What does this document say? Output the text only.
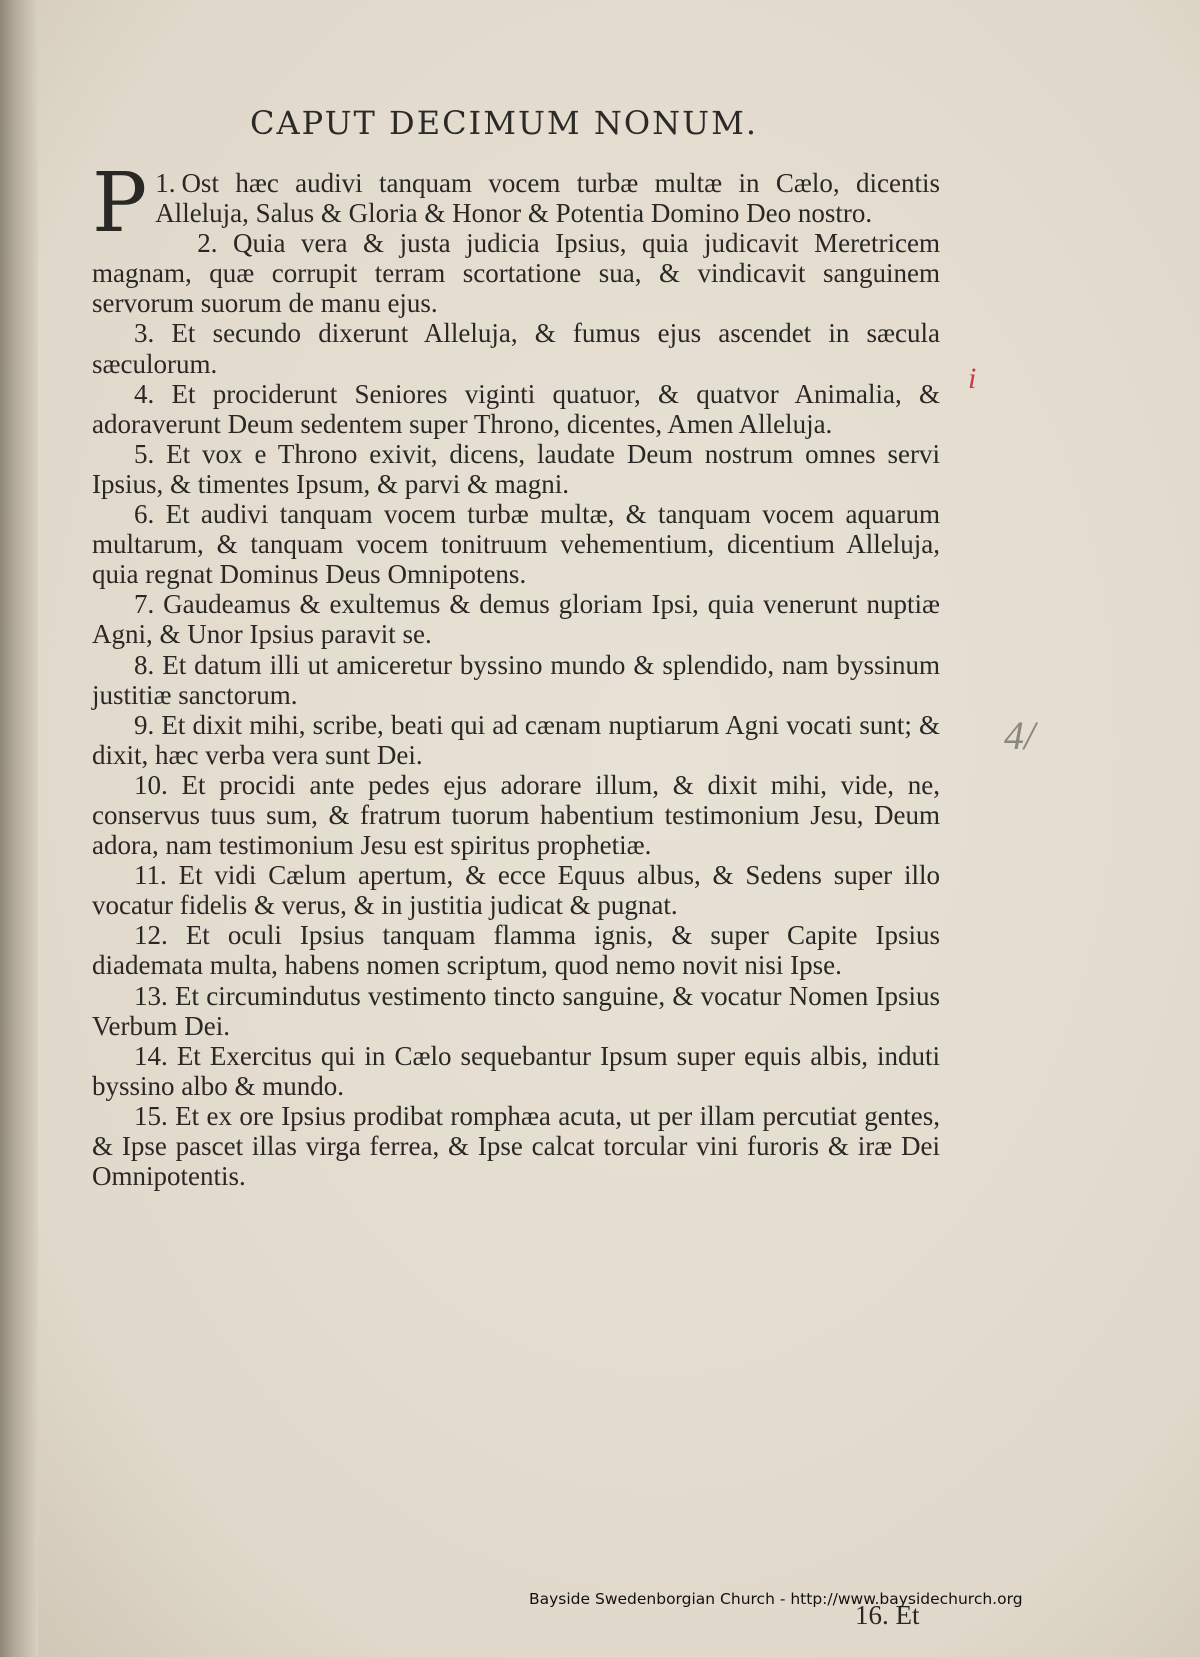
CAPUT DECIMUM NONUM.

1.
P Ost hæc audivi tanquam vocem turbæ multæ in Cælo, dicentis Alleluja, Salus & Gloria & Honor & Potentia Domino Deo nostro.

2. Quia vera & justa judicia Ipsius, quia judicavit Meretricem magnam, quæ corrupit terram scortatione sua, & vindicavit sanguinem servorum suorum de manu ejus.

3. Et secundo dixerunt Alleluja, & fumus ejus ascendet in sæcula sæculorum.

4. Et prociderunt Seniores viginti quatuor, & quatvor Animalia, & adoraverunt Deum sedentem super Throno, dicentes, Amen Alleluja.

5. Et vox e Throno exivit, dicens, laudate Deum nostrum omnes servi Ipsius, & timentes Ipsum, & parvi & magni.

6. Et audivi tanquam vocem turbæ multæ, & tanquam vocem aquarum multarum, & tanquam vocem tonitruum vehementium, dicentium Alleluja, quia regnat Dominus Deus Omnipotens.

7. Gaudeamus & exultemus & demus gloriam Ipsi, quia venerunt nuptiæ Agni, & Unor Ipsius paravit se.

8. Et datum illi ut amiceretur byssino mundo & splendido, nam byssinum justitiæ sanctorum.

9. Et dixit mihi, scribe, beati qui ad cænam nuptiarum Agni vocati sunt; & dixit, hæc verba vera sunt Dei.

10. Et procidi ante pedes ejus adorare illum, & dixit mihi, vide, ne, conservus tuus sum, & fratrum tuorum habentium testimonium Jesu, Deum adora, nam testimonium Jesu est spiritus prophetiæ.

11. Et vidi Cælum apertum, & ecce Equus albus, & Sedens super illo vocatur fidelis & verus, & in justitia judicat & pugnat.

12. Et oculi Ipsius tanquam flamma ignis, & super Capite Ipsius diademata multa, habens nomen scriptum, quod nemo novit nisi Ipse.

13. Et circumindutus vestimento tincto sanguine, & vocatur Nomen Ipsius Verbum Dei.

14. Et Exercitus qui in Cælo sequebantur Ipsum super equis albis, induti byssino albo & mundo.

15. Et ex ore Ipsius prodibat romphæa acuta, ut per illam percutiat gentes, & Ipse pascet illas virga ferrea, & Ipse calcat torcular vini furoris & iræ Dei Omnipotentis.

16. Et
i
4/
Bayside Swedenborgian Church - http://www.baysidechurch.org
